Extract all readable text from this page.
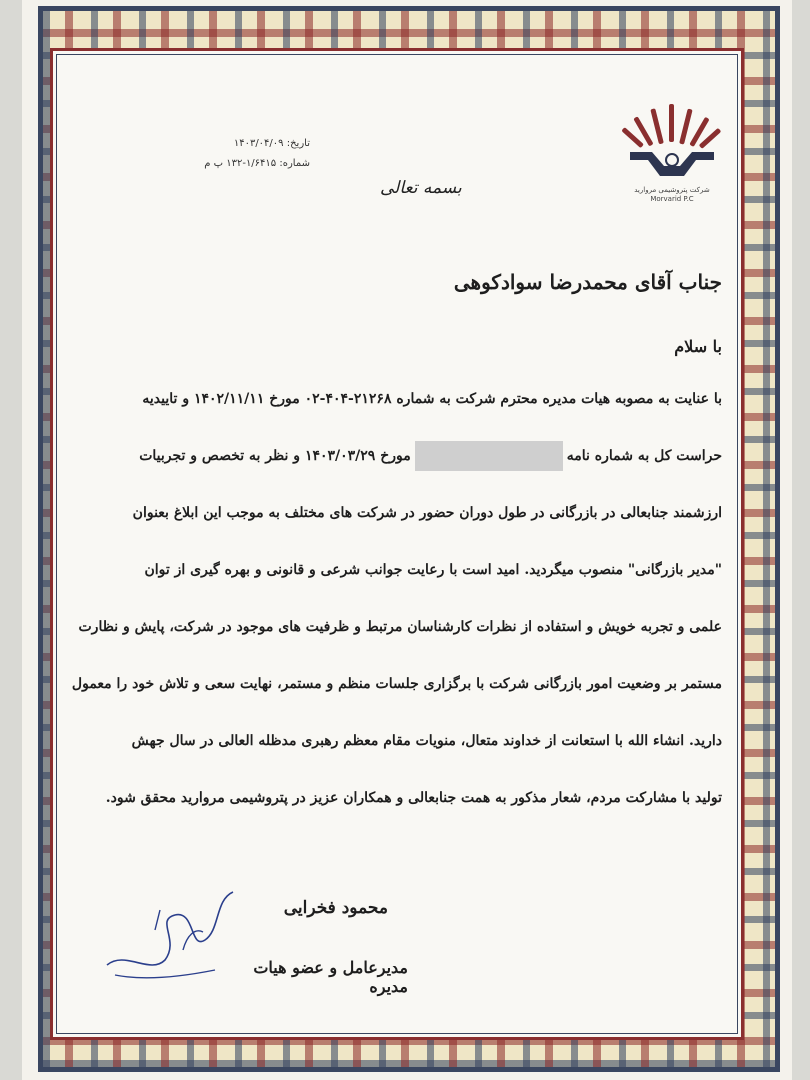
شرکت پتروشیمی مروارید
Morvarid P.C
تاریخ: ۱۴۰۳/۰۴/۰۹
شماره: ۱/۶۴۱۵-۱۳۲ پ م
بسمه تعالی
جناب آقای محمدرضا سوادکوهی
با سلام
با عنایت به مصوبه هیات مدیره محترم شرکت به شماره ۲۱۲۶۸-۴۰۴-۰۲ مورخ ۱۴۰۲/۱۱/۱۱ و تاییدیه
حراست کل به شماره نامهمورخ ۱۴۰۳/۰۳/۲۹ و نظر به تخصص و تجربیات
ارزشمند جنابعالی در بازرگانی در طول دوران حضور در شرکت های مختلف به موجب این ابلاغ بعنوان
"مدیر بازرگانی" منصوب میگردید. امید است با رعایت جوانب شرعی و قانونی و بهره گیری از توان
علمی و تجربه خویش و استفاده از نظرات کارشناسان مرتبط و ظرفیت های موجود در شرکت، پایش و نظارت
مستمر بر وضعیت امور بازرگانی شرکت با برگزاری جلسات منظم و مستمر، نهایت سعی و تلاش خود را معمول
دارید. انشاء الله با استعانت از خداوند متعال، منویات مقام معظم رهبری مدظله العالی در سال جهش
تولید با مشارکت مردم، شعار مذکور به همت جنابعالی و همکاران عزیز در پتروشیمی مروارید محقق شود.
محمود فخرایی
مدیرعامل و عضو هیات مدیره
